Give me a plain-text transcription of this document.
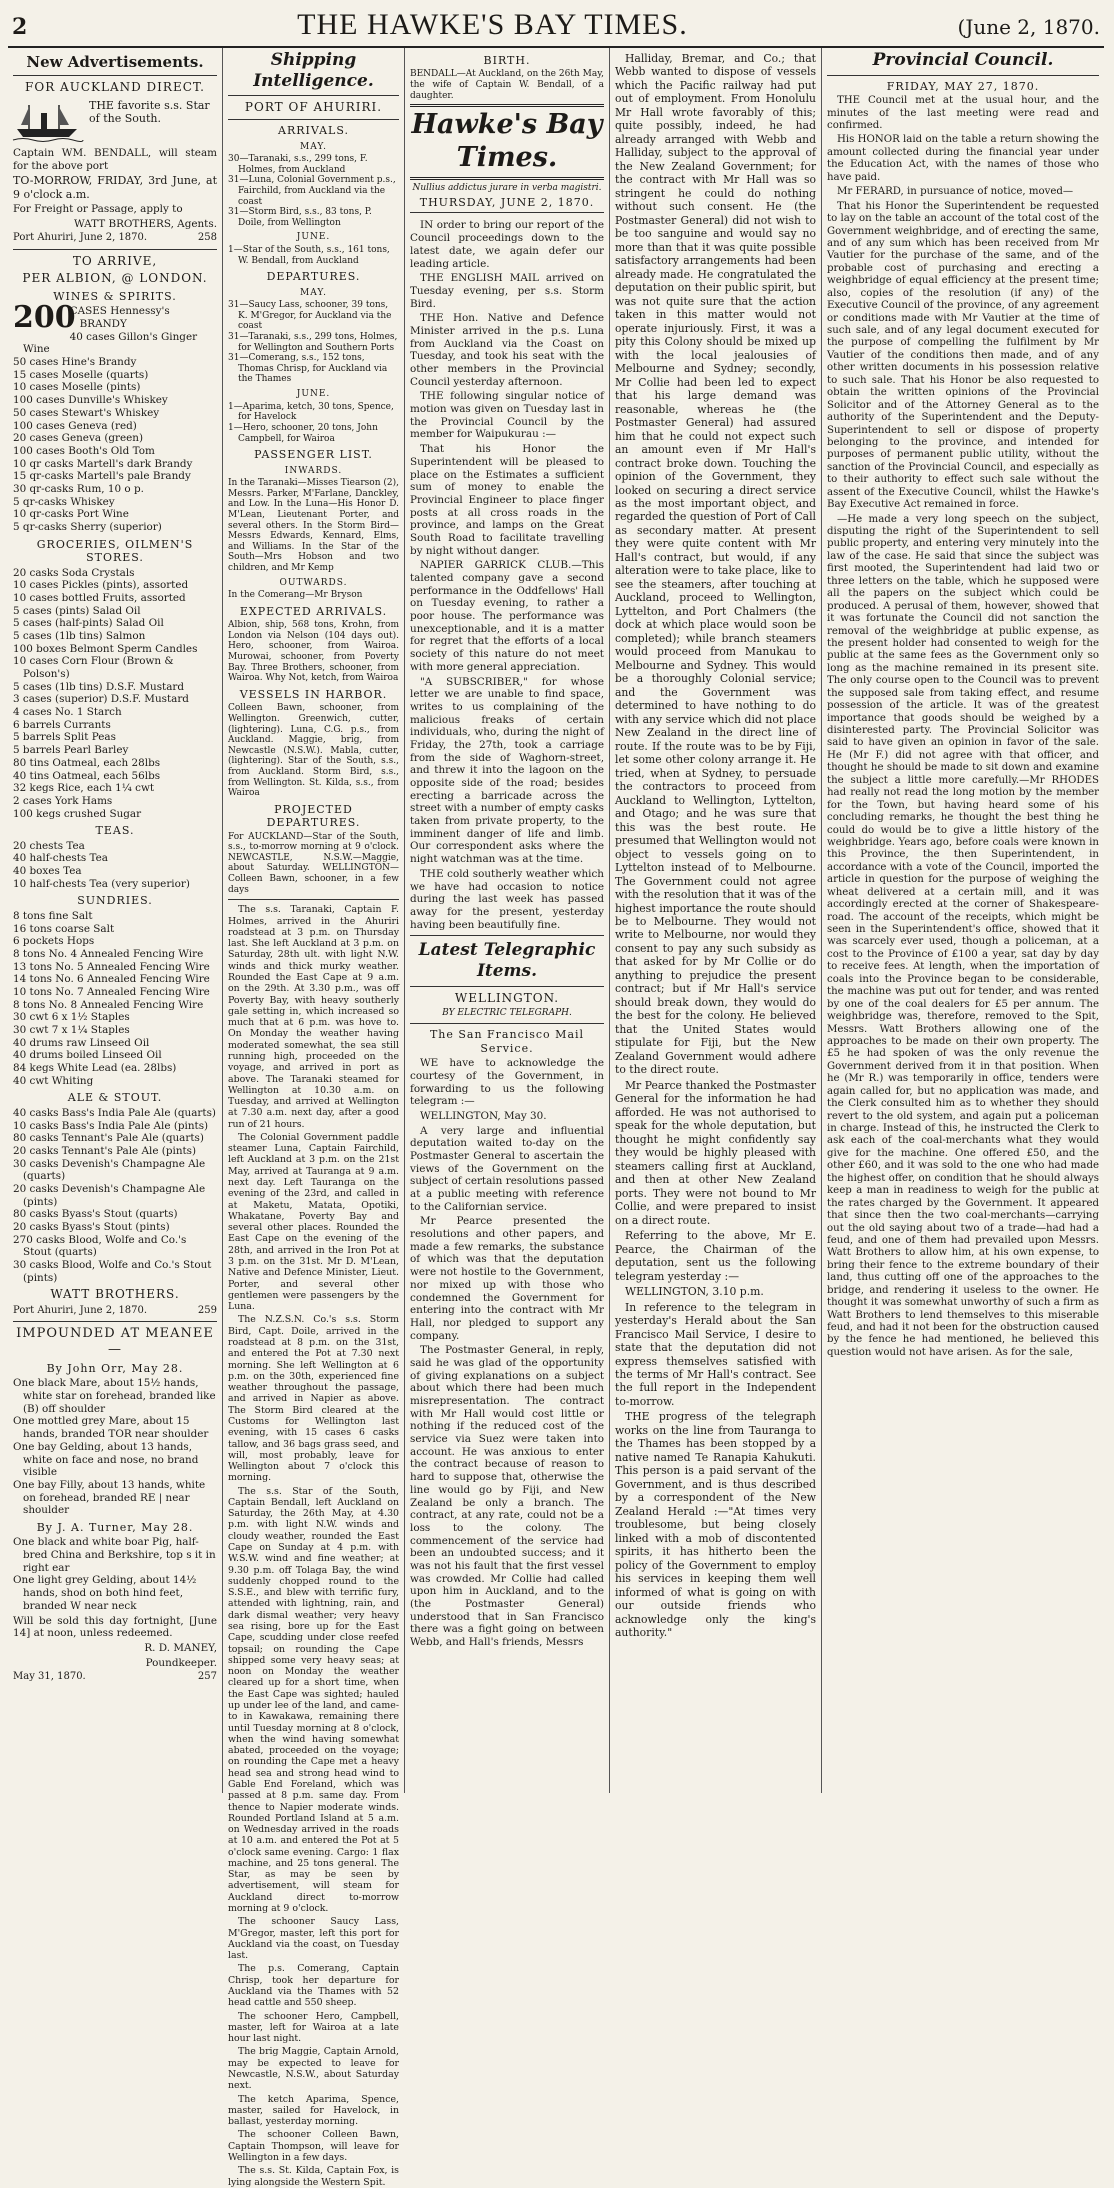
2	THE HAWKE'S BAY TIMES.	(June 2, 1870.
New Advertisements.
FOR AUCKLAND DIRECT.
THE favorite s.s. Star of the South.

Captain WM. BENDALL, will steam for the above port

TO-MORROW, FRIDAY, 3rd June, at 9 o'clock a.m.

For Freight or Passage, apply to

WATT BROTHERS, Agents.

Port Ahuriri, June 2, 1870.	258
TO ARRIVE,
PER ALBION, @ LONDON.
WINES & SPIRITS.
200
CASES Hennessy's BRANDY
40 cases Gillon's Ginger Wine
50 cases Hine's Brandy
15 cases Moselle (quarts)
10 cases Moselle (pints)
100 cases Dunville's Whiskey
50 cases Stewart's Whiskey
100 cases Geneva (red)
20 cases Geneva (green)
100 cases Booth's Old Tom
10 qr casks Martell's dark Brandy
15 qr-casks Martell's pale Brandy
30 qr-casks Rum, 10 o p.
5 qr-casks Whiskey
10 qr-casks Port Wine
5 qr-casks Sherry (superior)
GROCERIES, OILMEN'S STORES.
20 casks Soda Crystals
10 cases Pickles (pints), assorted
10 cases bottled Fruits, assorted
5 cases (pints) Salad Oil
5 cases (half-pints) Salad Oil
5 cases (1lb tins) Salmon
100 boxes Belmont Sperm Candles
10 cases Corn Flour (Brown & Polson's)
5 cases (1lb tins) D.S.F. Mustard
3 cases (superior) D.S.F. Mustard
4 cases No. 1 Starch
6 barrels Currants
5 barrels Split Peas
5 barrels Pearl Barley
80 tins Oatmeal, each 28lbs
40 tins Oatmeal, each 56lbs
32 kegs Rice, each 1¼ cwt
2 cases York Hams
100 kegs crushed Sugar
TEAS.
20 chests Tea
40 half-chests Tea
40 boxes Tea
10 half-chests Tea (very superior)
SUNDRIES.
8 tons fine Salt
16 tons coarse Salt
6 pockets Hops
8 tons No. 4 Annealed Fencing Wire
13 tons No. 5 Annealed Fencing Wire
14 tons No. 6 Annealed Fencing Wire
10 tons No. 7 Annealed Fencing Wire
8 tons No. 8 Annealed Fencing Wire
30 cwt 6 x 1½ Staples
30 cwt 7 x 1¼ Staples
40 drums raw Linseed Oil
40 drums boiled Linseed Oil
84 kegs White Lead (ea. 28lbs)
40 cwt Whiting
ALE & STOUT.
40 casks Bass's India Pale Ale (quarts)
10 casks Bass's India Pale Ale (pints)
80 casks Tennant's Pale Ale (quarts)
20 casks Tennant's Pale Ale (pints)
30 casks Devenish's Champagne Ale (quarts)
20 casks Devenish's Champagne Ale (pints)
80 casks Byass's Stout (quarts)
20 casks Byass's Stout (pints)
270 casks Blood, Wolfe and Co.'s Stout (quarts)
30 casks Blood, Wolfe and Co.'s Stout (pints)
WATT BROTHERS.
Port Ahuriri, June 2, 1870.	259
IMPOUNDED AT MEANEE—
By John Orr, May 28.
One black Mare, about 15½ hands, white star on forehead, branded like (B) off shoulder
One mottled grey Mare, about 15 hands, branded TOR near shoulder
One bay Gelding, about 13 hands, white on face and nose, no brand visible
One bay Filly, about 13 hands, white on forehead, branded RE | near shoulder
By J. A. Turner, May 28.
One black and white boar Pig, half-bred China and Berkshire, top s it in right ear
One light grey Gelding, about 14½ hands, shod on both hind feet, branded W near neck

Will be sold this day fortnight, [June 14] at noon, unless redeemed.

R. D. MANEY,

Poundkeeper.

May 31, 1870.	257
Shipping Intelligence.
PORT OF AHURIRI.
ARRIVALS.
MAY.
30—Taranaki, s.s., 299 tons, F. Holmes, from Auckland
31—Luna, Colonial Government p.s., Fairchild, from Auckland via the coast
31—Storm Bird, s.s., 83 tons, P. Doile, from Wellington
JUNE.
1—Star of the South, s.s., 161 tons, W. Bendall, from Auckland
DEPARTURES.
MAY.
31—Saucy Lass, schooner, 39 tons, K. M'Gregor, for Auckland via the coast
31—Taranaki, s.s., 299 tons, Holmes, for Wellington and Southern Ports
31—Comerang, s.s., 152 tons, Thomas Chrisp, for Auckland via the Thames
JUNE.
1—Aparima, ketch, 30 tons, Spence, for Havelock
1—Hero, schooner, 20 tons, John Campbell, for Wairoa
PASSENGER LIST.
INWARDS.

In the Taranaki—Misses Tiearson (2), Messrs. Parker, M'Farlane, Danckley, and Low. In the Luna—His Honor D. M'Lean, Lieutenant Porter, and several others. In the Storm Bird—Messrs Edwards, Kennard, Elms, and Williams. In the Star of the South—Mrs Hobson and two children, and Mr Kemp

OUTWARDS.

In the Comerang—Mr Bryson

EXPECTED ARRIVALS.

Albion, ship, 568 tons, Krohn, from London via Nelson (104 days out). Hero, schooner, from Wairoa. Murowai, schooner, from Poverty Bay. Three Brothers, schooner, from Wairoa. Why Not, ketch, from Wairoa

VESSELS IN HARBOR.

Colleen Bawn, schooner, from Wellington. Greenwich, cutter, (lightering). Luna, C.G. p.s., from Auckland. Maggie, brig, from Newcastle (N.S.W.). Mabla, cutter, (lightering). Star of the South, s.s., from Auckland. Storm Bird, s.s., from Wellington. St. Kilda, s.s., from Wairoa

PROJECTED DEPARTURES.

For AUCKLAND—Star of the South, s.s., to-morrow morning at 9 o'clock. NEWCASTLE, N.S.W.—Maggie, about Saturday. WELLINGTON—Colleen Bawn, schooner, in a few days

The s.s. Taranaki, Captain F. Holmes, arrived in the Ahuriri roadstead at 3 p.m. on Thursday last. She left Auckland at 3 p.m. on Saturday, 28th ult. with light N.W. winds and thick murky weather. Rounded the East Cape at 9 a.m. on the 29th. At 3.30 p.m., was off Poverty Bay, with heavy southerly gale setting in, which increased so much that at 6 p.m. was hove to. On Monday the weather having moderated somewhat, the sea still running high, proceeded on the voyage, and arrived in port as above. The Taranaki steamed for Wellington at 10.30 a.m. on Tuesday, and arrived at Wellington at 7.30 a.m. next day, after a good run of 21 hours.

The Colonial Government paddle steamer Luna, Captain Fairchild, left Auckland at 3 p.m. on the 21st May, arrived at Tauranga at 9 a.m. next day. Left Tauranga on the evening of the 23rd, and called in at Maketu, Matata, Opotiki, Whakatane, Poverty Bay and several other places. Rounded the East Cape on the evening of the 28th, and arrived in the Iron Pot at 3 p.m. on the 31st. Mr D. M'Lean, Native and Defence Minister, Lieut. Porter, and several other gentlemen were passengers by the Luna.

The N.Z.S.N. Co.'s s.s. Storm Bird, Capt. Doile, arrived in the roadstead at 8 p.m. on the 31st, and entered the Pot at 7.30 next morning. She left Wellington at 6 p.m. on the 30th, experienced fine weather throughout the passage, and arrived in Napier as above. The Storm Bird cleared at the Customs for Wellington last evening, with 15 cases 6 casks tallow, and 36 bags grass seed, and will, most probably, leave for Wellington about 7 o'clock this morning.

The s.s. Star of the South, Captain Bendall, left Auckland on Saturday, the 26th May, at 4.30 p.m. with light N.W. winds and cloudy weather, rounded the East Cape on Sunday at 4 p.m. with W.S.W. wind and fine weather; at 9.30 p.m. off Tolaga Bay, the wind suddenly chopped round to the S.S.E., and blew with terrific fury, attended with lightning, rain, and dark dismal weather; very heavy sea rising, bore up for the East Cape, scudding under close reefed topsail; on rounding the Cape shipped some very heavy seas; at noon on Monday the weather cleared up for a short time, when the East Cape was sighted; hauled up under lee of the land, and came-to in Kawakawa, remaining there until Tuesday morning at 8 o'clock, when the wind having somewhat abated, proceeded on the voyage; on rounding the Cape met a heavy head sea and strong head wind to Gable End Foreland, which was passed at 8 p.m. same day. From thence to Napier moderate winds. Rounded Portland Island at 5 a.m. on Wednesday arrived in the roads at 10 a.m. and entered the Pot at 5 o'clock same evening. Cargo: 1 flax machine, and 25 tons general. The Star, as may be seen by advertisement, will steam for Auckland direct to-morrow morning at 9 o'clock.

The schooner Saucy Lass, M'Gregor, master, left this port for Auckland via the coast, on Tuesday last.

The p.s. Comerang, Captain Chrisp, took her departure for Auckland via the Thames with 52 head cattle and 550 sheep.

The schooner Hero, Campbell, master, left for Wairoa at a late hour last night.

The brig Maggie, Captain Arnold, may be expected to leave for Newcastle, N.S.W., about Saturday next.

The ketch Aparima, Spence, master, sailed for Havelock, in ballast, yesterday morning.

The schooner Colleen Bawn, Captain Thompson, will leave for Wellington in a few days.

The s.s. St. Kilda, Captain Fox, is lying alongside the Western Spit.

BIRTH.

BENDALL—At Auckland, on the 26th May, the wife of Captain W. Bendall, of a daughter.

Hawke's Bay Times.
Nullius addictus jurare in verba magistri.
THURSDAY, JUNE 2, 1870.

IN order to bring our report of the Council proceedings down to the latest date, we again defer our leading article.

THE ENGLISH MAIL arrived on Tuesday evening, per s.s. Storm Bird.

THE Hon. Native and Defence Minister arrived in the p.s. Luna from Auckland via the Coast on Tuesday, and took his seat with the other members in the Provincial Council yesterday afternoon.

THE following singular notice of motion was given on Tuesday last in the Provincial Council by the member for Waipukurau :—

That his Honor the Superintendent will be pleased to place on the Estimates a sufficient sum of money to enable the Provincial Engineer to place finger posts at all cross roads in the province, and lamps on the Great South Road to facilitate travelling by night without danger.

NAPIER GARRICK CLUB.—This talented company gave a second performance in the Oddfellows' Hall on Tuesday evening, to rather a poor house. The performance was unexceptionable, and it is a matter for regret that the efforts of a local society of this nature do not meet with more general appreciation.

"A SUBSCRIBER," for whose letter we are unable to find space, writes to us complaining of the malicious freaks of certain individuals, who, during the night of Friday, the 27th, took a carriage from the side of Waghorn-street, and threw it into the lagoon on the opposite side of the road; besides erecting a barricade across the street with a number of empty casks taken from private property, to the imminent danger of life and limb. Our correspondent asks where the night watchman was at the time.

THE cold southerly weather which we have had occasion to notice during the last week has passed away for the present, yesterday having been beautifully fine.

Latest Telegraphic Items.
WELLINGTON.
BY ELECTRIC TELEGRAPH.
The San Francisco Mail Service.

WE have to acknowledge the courtesy of the Government, in forwarding to us the following telegram :—

WELLINGTON, May 30.

A very large and influential deputation waited to-day on the Postmaster General to ascertain the views of the Government on the subject of certain resolutions passed at a public meeting with reference to the Californian service.

Mr Pearce presented the resolutions and other papers, and made a few remarks, the substance of which was that the deputation were not hostile to the Government, nor mixed up with those who condemned the Government for entering into the contract with Mr Hall, nor pledged to support any company.

The Postmaster General, in reply, said he was glad of the opportunity of giving explanations on a subject about which there had been much misrepresentation. The contract with Mr Hall would cost little or nothing if the reduced cost of the service via Suez were taken into account. He was anxious to enter the contract because of reason to hard to suppose that, otherwise the line would go by Fiji, and New Zealand be only a branch. The contract, at any rate, could not be a loss to the colony. The commencement of the service had been an undoubted success; and it was not his fault that the first vessel was crowded. Mr Collie had called upon him in Auckland, and to the (the Postmaster General) understood that in San Francisco there was a fight going on between Webb, and Hall's friends, Messrs

Halliday, Bremar, and Co.; that Webb wanted to dispose of vessels which the Pacific railway had put out of employment. From Honolulu Mr Hall wrote favorably of this; quite possibly, indeed, he had already arranged with Webb and Halliday, subject to the approval of the New Zealand Government; for the contract with Mr Hall was so stringent he could do nothing without such consent. He (the Postmaster General) did not wish to be too sanguine and would say no more than that it was quite possible satisfactory arrangements had been already made. He congratulated the deputation on their public spirit, but was not quite sure that the action taken in this matter would not operate injuriously. First, it was a pity this Colony should be mixed up with the local jealousies of Melbourne and Sydney; secondly, Mr Collie had been led to expect that his large demand was reasonable, whereas he (the Postmaster General) had assured him that he could not expect such an amount even if Mr Hall's contract broke down. Touching the opinion of the Government, they looked on securing a direct service as the most important object, and regarded the question of Port of Call as secondary matter. At present they were quite content with Mr Hall's contract, but would, if any alteration were to take place, like to see the steamers, after touching at Auckland, proceed to Wellington, Lyttelton, and Port Chalmers (the dock at which place would soon be completed); while branch steamers would proceed from Manukau to Melbourne and Sydney. This would be a thoroughly Colonial service; and the Government was determined to have nothing to do with any service which did not place New Zealand in the direct line of route. If the route was to be by Fiji, let some other colony arrange it. He tried, when at Sydney, to persuade the contractors to proceed from Auckland to Wellington, Lyttelton, and Otago; and he was sure that this was the best route. He presumed that Wellington would not object to vessels going on to Lyttelton instead of to Melbourne. The Government could not agree with the resolution that it was of the highest importance the route should be to Melbourne. They would not write to Melbourne, nor would they consent to pay any such subsidy as that asked for by Mr Collie or do anything to prejudice the present contract; but if Mr Hall's service should break down, they would do the best for the colony. He believed that the United States would stipulate for Fiji, but the New Zealand Government would adhere to the direct route.

Mr Pearce thanked the Postmaster General for the information he had afforded. He was not authorised to speak for the whole deputation, but thought he might confidently say they would be highly pleased with steamers calling first at Auckland, and then at other New Zealand ports. They were not bound to Mr Collie, and were prepared to insist on a direct route.

Referring to the above, Mr E. Pearce, the Chairman of the deputation, sent us the following telegram yesterday :—

WELLINGTON, 3.10 p.m.

In reference to the telegram in yesterday's Herald about the San Francisco Mail Service, I desire to state that the deputation did not express themselves satisfied with the terms of Mr Hall's contract. See the full report in the Independent to-morrow.

THE progress of the telegraph works on the line from Tauranga to the Thames has been stopped by a native named Te Ranapia Kahukuti. This person is a paid servant of the Government, and is thus described by a correspondent of the New Zealand Herald :—"At times very troublesome, but being closely linked with a mob of discontented spirits, it has hitherto been the policy of the Government to employ his services in keeping them well informed of what is going on with our outside friends who acknowledge only the king's authority."

Provincial Council.
FRIDAY, MAY 27, 1870.

THE Council met at the usual hour, and the minutes of the last meeting were read and confirmed.

His HONOR laid on the table a return showing the amount collected during the financial year under the Education Act, with the names of those who have paid.

Mr FERARD, in pursuance of notice, moved—

That his Honor the Superintendent be requested to lay on the table an account of the total cost of the Government weighbridge, and of erecting the same, and of any sum which has been received from Mr Vautier for the purchase of the same, and of the probable cost of purchasing and erecting a weighbridge of equal efficiency at the present time; also, copies of the resolution (if any) of the Executive Council of the province, of any agreement or conditions made with Mr Vautier at the time of such sale, and of any legal document executed for the purpose of compelling the fulfilment by Mr Vautier of the conditions then made, and of any other written documents in his possession relative to such sale. That his Honor be also requested to obtain the written opinions of the Provincial Solicitor and of the Attorney General as to the authority of the Superintendent and the Deputy-Superintendent to sell or dispose of property belonging to the province, and intended for purposes of permanent public utility, without the sanction of the Provincial Council, and especially as to their authority to effect such sale without the assent of the Executive Council, whilst the Hawke's Bay Executive Act remained in force.

—He made a very long speech on the subject, disputing the right of the Superintendent to sell public property, and entering very minutely into the law of the case. He said that since the subject was first mooted, the Superintendent had laid two or three letters on the table, which he supposed were all the papers on the subject which could be produced. A perusal of them, however, showed that it was fortunate the Council did not sanction the removal of the weighbridge at public expense, as the present holder had consented to weigh for the public at the same fees as the Government only so long as the machine remained in its present site. The only course open to the Council was to prevent the supposed sale from taking effect, and resume possession of the article. It was of the greatest importance that goods should be weighed by a disinterested party. The Provincial Solicitor was said to have given an opinion in favor of the sale. He (Mr F.) did not agree with that officer, and thought he should be made to sit down and examine the subject a little more carefully.—Mr RHODES had really not read the long motion by the member for the Town, but having heard some of his concluding remarks, he thought the best thing he could do would be to give a little history of the weighbridge. Years ago, before coals were known in this Province, the then Superintendent, in accordance with a vote of the Council, imported the article in question for the purpose of weighing the wheat delivered at a certain mill, and it was accordingly erected at the corner of Shakespeare-road. The account of the receipts, which might be seen in the Superintendent's office, showed that it was scarcely ever used, though a policeman, at a cost to the Province of £100 a year, sat day by day to receive fees. At length, when the importation of coals into the Province began to be considerable, the machine was put out for tender, and was rented by one of the coal dealers for £5 per annum. The weighbridge was, therefore, removed to the Spit, Messrs. Watt Brothers allowing one of the approaches to be made on their own property. The £5 he had spoken of was the only revenue the Government derived from it in that position. When he (Mr R.) was temporarily in office, tenders were again called for, but no application was made, and the Clerk consulted him as to whether they should revert to the old system, and again put a policeman in charge. Instead of this, he instructed the Clerk to ask each of the coal-merchants what they would give for the machine. One offered £50, and the other £60, and it was sold to the one who had made the highest offer, on condition that he should always keep a man in readiness to weigh for the public at the rates charged by the Government. It appeared that since then the two coal-merchants—carrying out the old saying about two of a trade—had had a feud, and one of them had prevailed upon Messrs. Watt Brothers to allow him, at his own expense, to bring their fence to the extreme boundary of their land, thus cutting off one of the approaches to the bridge, and rendering it useless to the owner. He thought it was somewhat unworthy of such a firm as Watt Brothers to lend themselves to this miserable feud, and had it not been for the obstruction caused by the fence he had mentioned, he believed this question would not have arisen. As for the sale,
